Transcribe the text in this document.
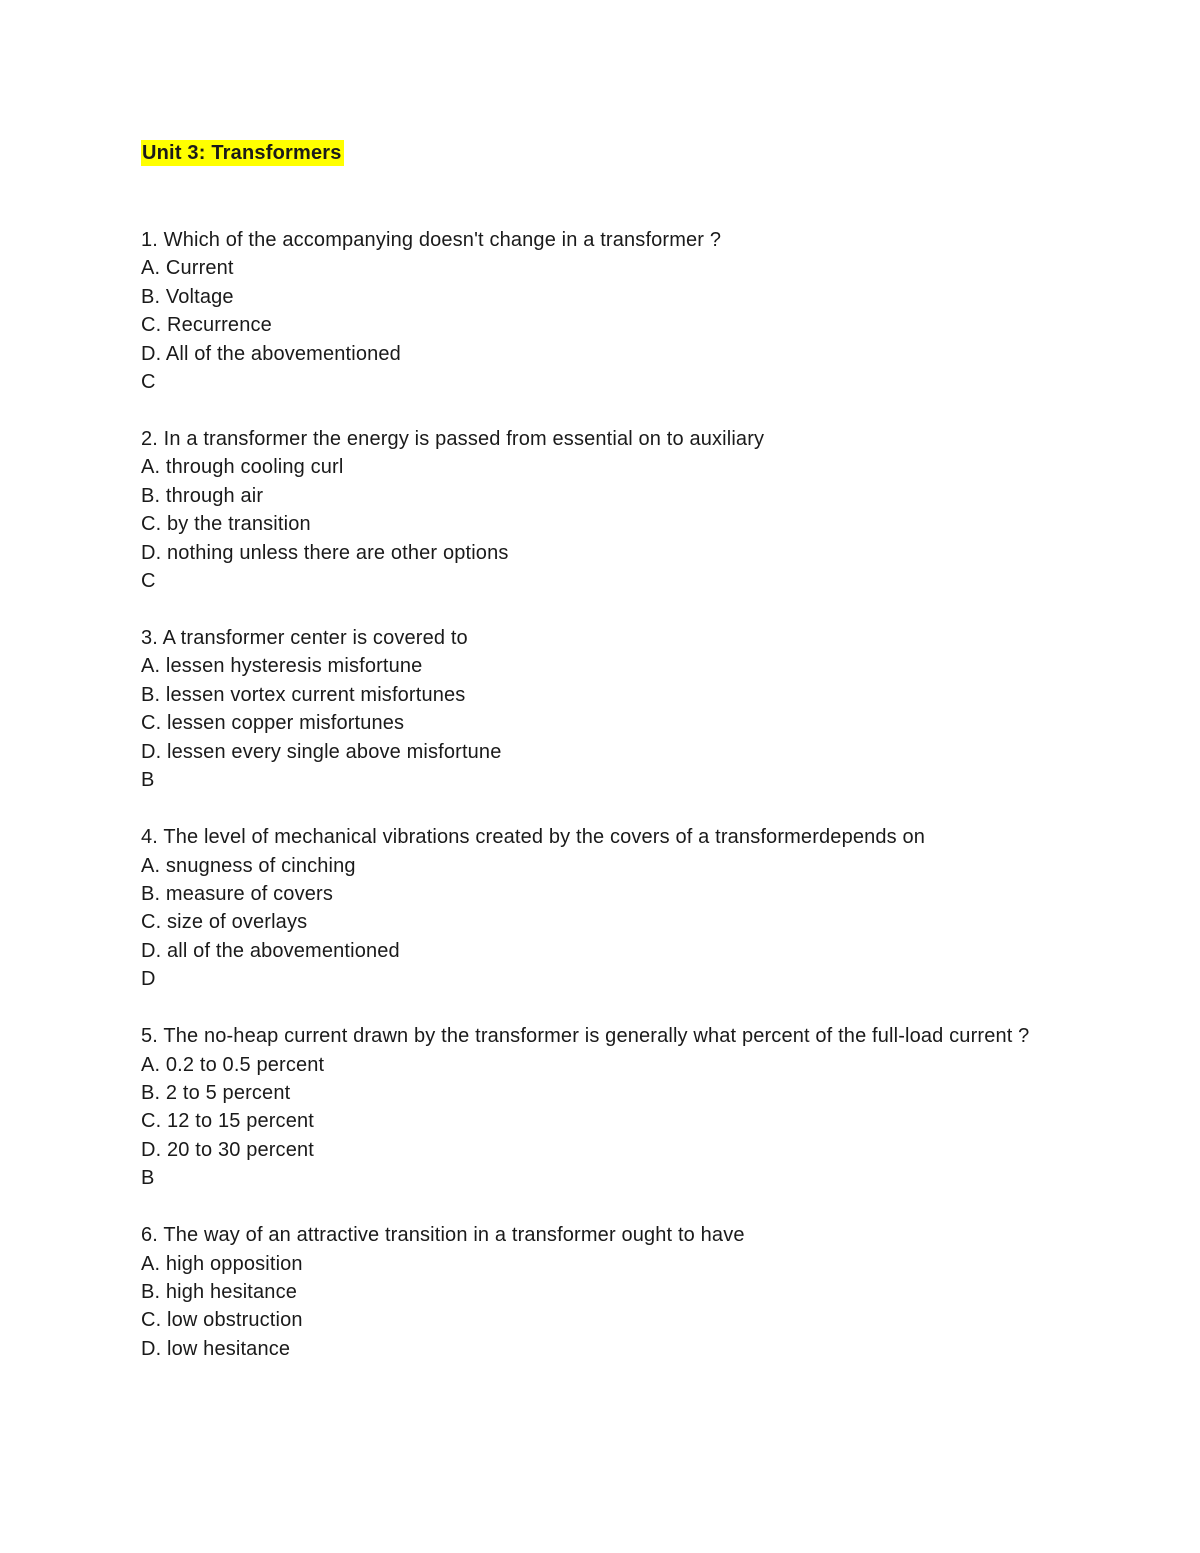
Unit 3: Transformers
1. Which of the accompanying doesn't change in a transformer ?
A. Current
B. Voltage
C. Recurrence
D. All of the abovementioned
C
2. In a transformer the energy is passed from essential on to auxiliary
A. through cooling curl
B. through air
C. by the transition
D. nothing unless there are other options
C
3. A transformer center is covered to
A. lessen hysteresis misfortune
B. lessen vortex current misfortunes
C. lessen copper misfortunes
D. lessen every single above misfortune
B
4. The level of mechanical vibrations created by the covers of a transformerdepends on
A. snugness of cinching
B. measure of covers
C. size of overlays
D. all of the abovementioned
D
5. The no-heap current drawn by the transformer is generally what percent of the full-load current ?
A. 0.2 to 0.5 percent
B. 2 to 5 percent
C. 12 to 15 percent
D. 20 to 30 percent
B
6. The way of an attractive transition in a transformer ought to have
A. high opposition
B. high hesitance
C. low obstruction
D. low hesitance
